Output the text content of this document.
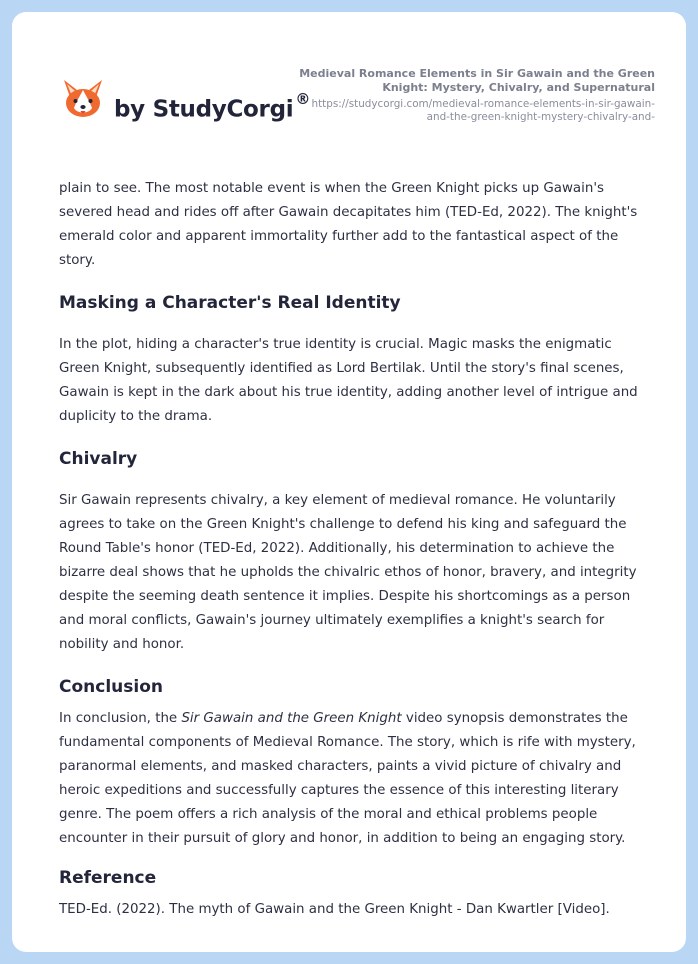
by StudyCorgi ®
Medieval Romance Elements in Sir Gawain and the Green Knight: Mystery, Chivalry, and Supernatural
https://studycorgi.com/medieval-romance-elements-in-sir-gawain-and-the-green-knight-mystery-chivalry-and-

plain to see. The most notable event is when the Green Knight picks up Gawain's severed head and rides off after Gawain decapitates him (TED-Ed, 2022). The knight's emerald color and apparent immortality further add to the fantastical aspect of the story.

Masking a Character's Real Identity

In the plot, hiding a character's true identity is crucial. Magic masks the enigmatic Green Knight, subsequently identified as Lord Bertilak. Until the story's final scenes, Gawain is kept in the dark about his true identity, adding another level of intrigue and duplicity to the drama.

Chivalry

Sir Gawain represents chivalry, a key element of medieval romance. He voluntarily agrees to take on the Green Knight's challenge to defend his king and safeguard the Round Table's honor (TED-Ed, 2022). Additionally, his determination to achieve the bizarre deal shows that he upholds the chivalric ethos of honor, bravery, and integrity despite the seeming death sentence it implies. Despite his shortcomings as a person and moral conflicts, Gawain's journey ultimately exemplifies a knight's search for nobility and honor.

Conclusion

In conclusion, the Sir Gawain and the Green Knight video synopsis demonstrates the fundamental components of Medieval Romance. The story, which is rife with mystery, paranormal elements, and masked characters, paints a vivid picture of chivalry and heroic expeditions and successfully captures the essence of this interesting literary genre. The poem offers a rich analysis of the moral and ethical problems people encounter in their pursuit of glory and honor, in addition to being an engaging story.

Reference

TED-Ed. (2022). The myth of Gawain and the Green Knight - Dan Kwartler [Video].
